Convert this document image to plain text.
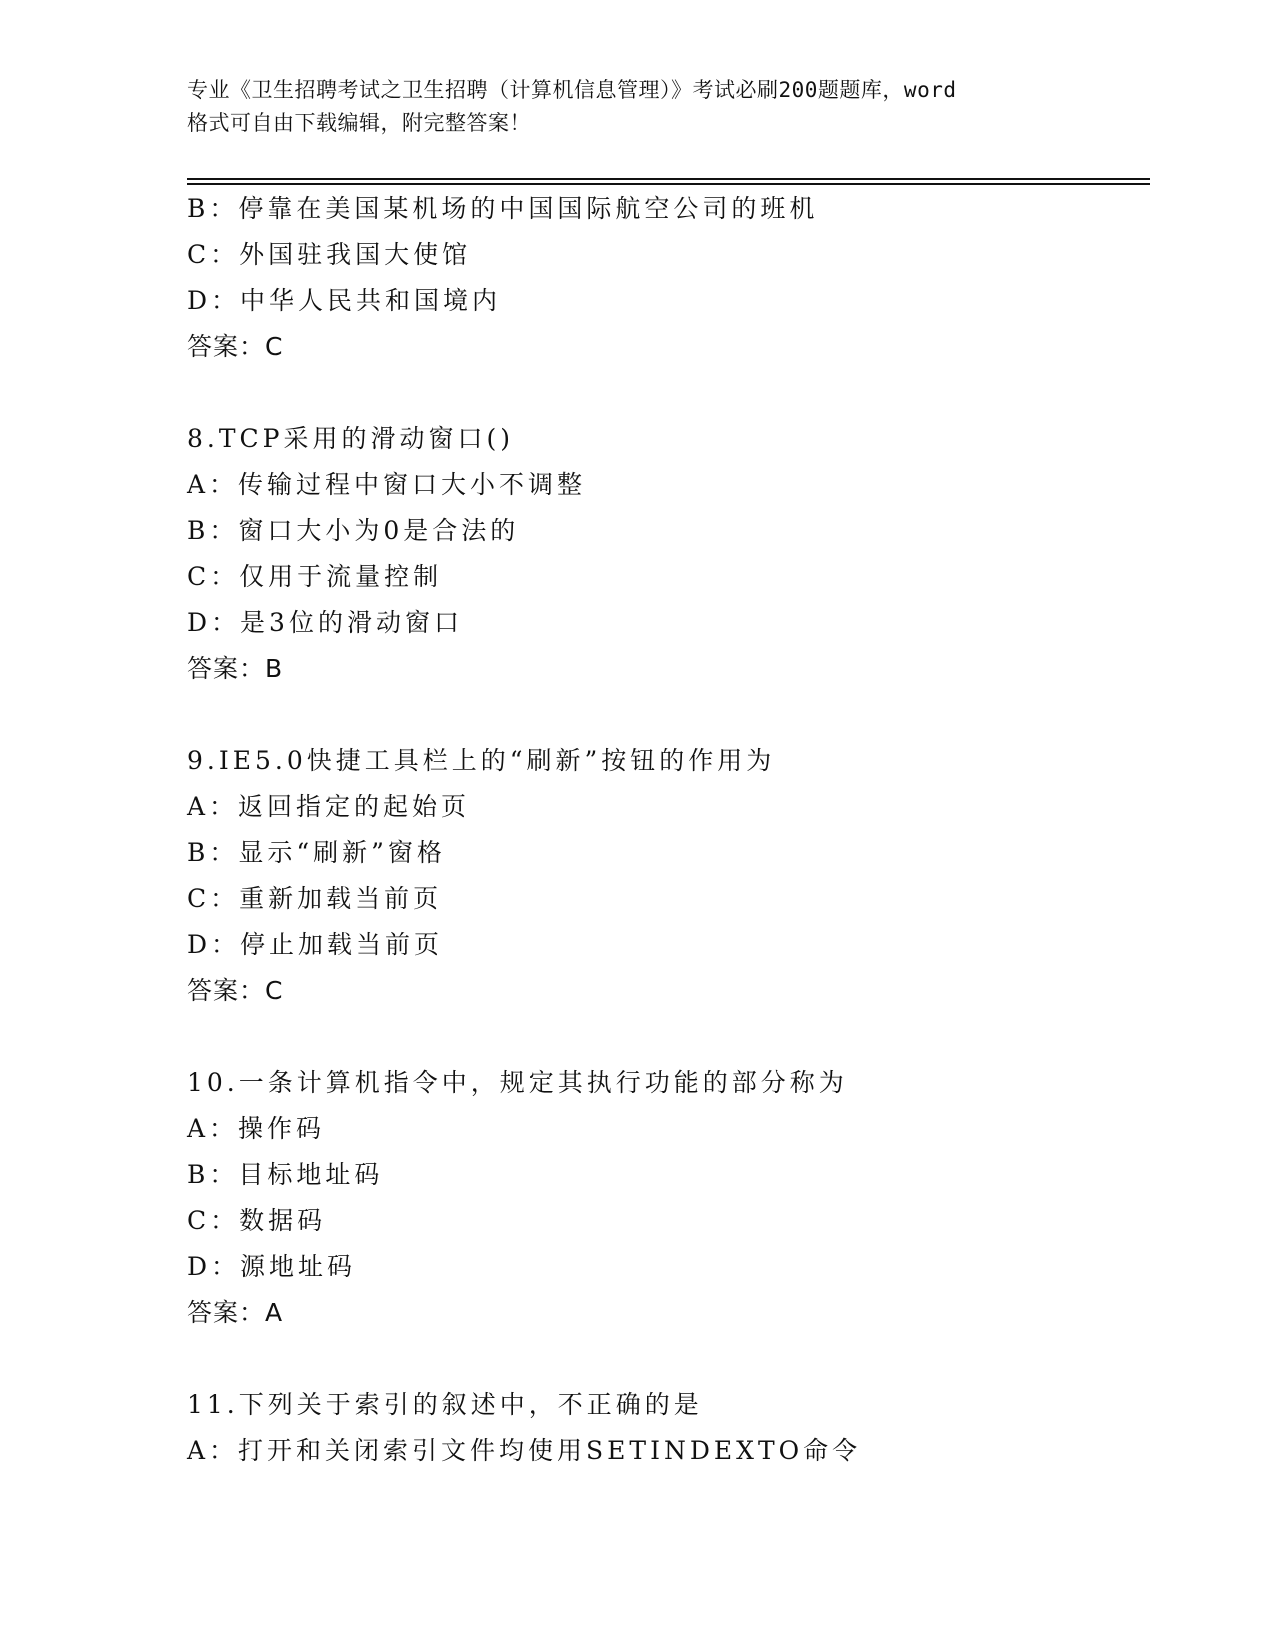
专业《卫生招聘考试之卫生招聘（计算机信息管理）》考试必刷200题题库，word
格式可自由下载编辑，附完整答案！
B：停靠在美国某机场的中国国际航空公司的班机
C：外国驻我国大使馆
D：中华人民共和国境内
答案：C
8.TCP采用的滑动窗口()
A：传输过程中窗口大小不调整
B：窗口大小为0是合法的
C：仅用于流量控制
D：是3位的滑动窗口
答案：B
9.IE5.0快捷工具栏上的“刷新”按钮的作用为
A：返回指定的起始页
B：显示“刷新”窗格
C：重新加载当前页
D：停止加载当前页
答案：C
10.一条计算机指令中，规定其执行功能的部分称为
A：操作码
B：目标地址码
C：数据码
D：源地址码
答案：A
11.下列关于索引的叙述中，不正确的是
A：打开和关闭索引文件均使用SETINDEXTO命令
